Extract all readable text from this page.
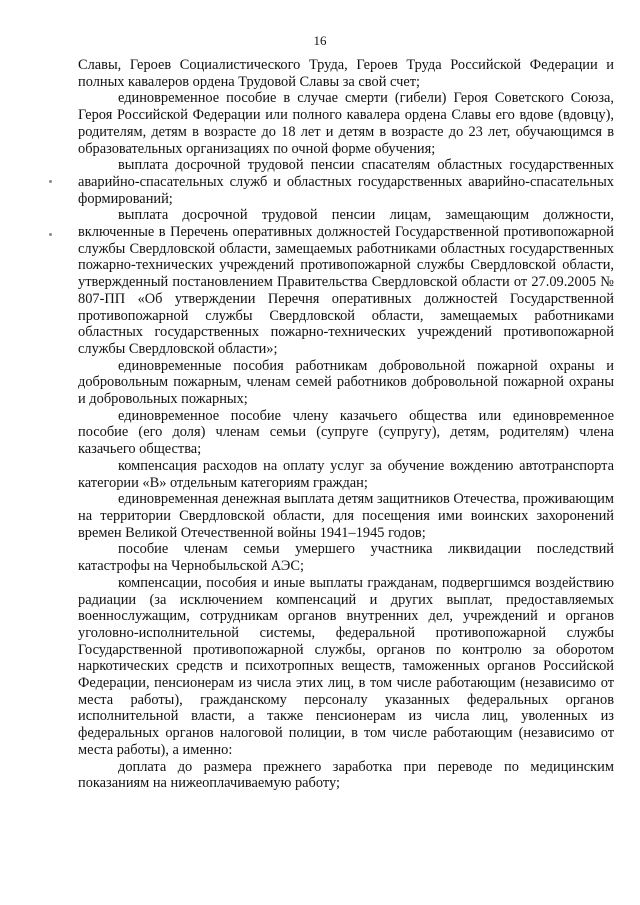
16

Славы, Героев Социалистического Труда, Героев Труда Российской Федерации и полных кавалеров ордена Трудовой Славы за свой счет;

единовременное пособие в случае смерти (гибели) Героя Советского Союза, Героя Российской Федерации или полного кавалера ордена Славы его вдове (вдовцу), родителям, детям в возрасте до 18 лет и детям в возрасте до 23 лет, обучающимся в образовательных организациях по очной форме обучения;

выплата досрочной трудовой пенсии спасателям областных государственных аварийно-спасательных служб и областных государственных аварийно-спасательных формирований;

выплата досрочной трудовой пенсии лицам, замещающим должности, включенные в Перечень оперативных должностей Государственной противопожарной службы Свердловской области, замещаемых работниками областных государственных пожарно-технических учреждений противопожарной службы Свердловской области, утвержденный постановлением Правительства Свердловской области от 27.09.2005 № 807-ПП «Об утверждении Перечня оперативных должностей Государственной противопожарной службы Свердловской области, замещаемых работниками областных государственных пожарно-технических учреждений противопожарной службы Свердловской области»;

единовременные пособия работникам добровольной пожарной охраны и добровольным пожарным, членам семей работников добровольной пожарной охраны и добровольных пожарных;

единовременное пособие члену казачьего общества или единовременное пособие (его доля) членам семьи (супруге (супругу), детям, родителям) члена казачьего общества;

компенсация расходов на оплату услуг за обучение вождению автотранспорта категории «В» отдельным категориям граждан;

единовременная денежная выплата детям защитников Отечества, проживающим на территории Свердловской области, для посещения ими воинских захоронений времен Великой Отечественной войны 1941–1945 годов;

пособие членам семьи умершего участника ликвидации последствий катастрофы на Чернобыльской АЭС;

компенсации, пособия и иные выплаты гражданам, подвергшимся воздействию радиации (за исключением компенсаций и других выплат, предоставляемых военнослужащим, сотрудникам органов внутренних дел, учреждений и органов уголовно-исполнительной системы, федеральной противопожарной службы Государственной противопожарной службы, органов по контролю за оборотом наркотических средств и психотропных веществ, таможенных органов Российской Федерации, пенсионерам из числа этих лиц, в том числе работающим (независимо от места работы), гражданскому персоналу указанных федеральных органов исполнительной власти, а также пенсионерам из числа лиц, уволенных из федеральных органов налоговой полиции, в том числе работающим (независимо от места работы), а именно:

доплата до размера прежнего заработка при переводе по медицинским показаниям на нижеоплачиваемую работу;
